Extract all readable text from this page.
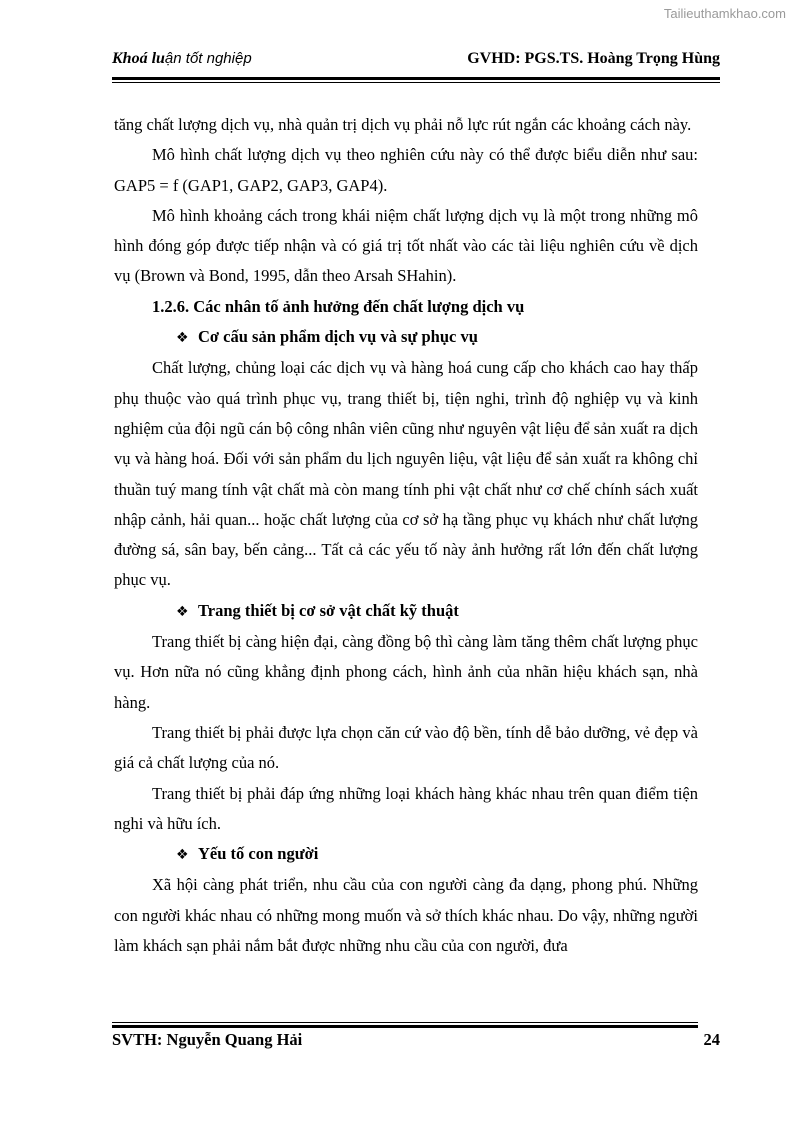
Tailieuthamkhao.com
Khoá luận tốt nghiệp	GVHD: PGS.TS. Hoàng Trọng Hùng

tăng chất lượng dịch vụ, nhà quản trị dịch vụ phải nỗ lực rút ngắn các khoảng cách này.

Mô hình chất lượng dịch vụ theo nghiên cứu này có thể được biểu diễn như sau: GAP5 = f (GAP1, GAP2, GAP3, GAP4).

Mô hình khoảng cách trong khái niệm chất lượng dịch vụ là một trong những mô hình đóng góp được tiếp nhận và có giá trị tốt nhất vào các tài liệu nghiên cứu về dịch vụ (Brown và Bond, 1995, dẫn theo Arsah SHahin).

1.2.6. Các nhân tố ảnh hưởng đến chất lượng dịch vụ

❖ Cơ cấu sản phẩm dịch vụ và sự phục vụ

Chất lượng, chủng loại các dịch vụ và hàng hoá cung cấp cho khách cao hay thấp phụ thuộc vào quá trình phục vụ, trang thiết bị, tiện nghi, trình độ nghiệp vụ và kinh nghiệm của đội ngũ cán bộ công nhân viên cũng như nguyên vật liệu để sản xuất ra dịch vụ và hàng hoá. Đối với sản phẩm du lịch nguyên liệu, vật liệu để sản xuất ra không chỉ thuần tuý mang tính vật chất mà còn mang tính phi vật chất như cơ chế chính sách xuất nhập cảnh, hải quan... hoặc chất lượng của cơ sở hạ tầng phục vụ khách như chất lượng đường sá, sân bay, bến cảng... Tất cả các yếu tố này ảnh hưởng rất lớn đến chất lượng phục vụ.

❖ Trang thiết bị cơ sở vật chất kỹ thuật

Trang thiết bị càng hiện đại, càng đồng bộ thì càng làm tăng thêm chất lượng phục vụ. Hơn nữa nó cũng khẳng định phong cách, hình ảnh của nhãn hiệu khách sạn, nhà hàng.

Trang thiết bị phải được lựa chọn căn cứ vào độ bền, tính dễ bảo dưỡng, vẻ đẹp và giá cả chất lượng của nó.

Trang thiết bị phải đáp ứng những loại khách hàng khác nhau trên quan điểm tiện nghi và hữu ích.

❖ Yếu tố con người

Xã hội càng phát triển, nhu cầu của con người càng đa dạng, phong phú. Những con người khác nhau có những mong muốn và sở thích khác nhau. Do vậy, những người làm khách sạn phải nắm bắt được những nhu cầu của con người, đưa

SVTH: Nguyễn Quang Hải	24
